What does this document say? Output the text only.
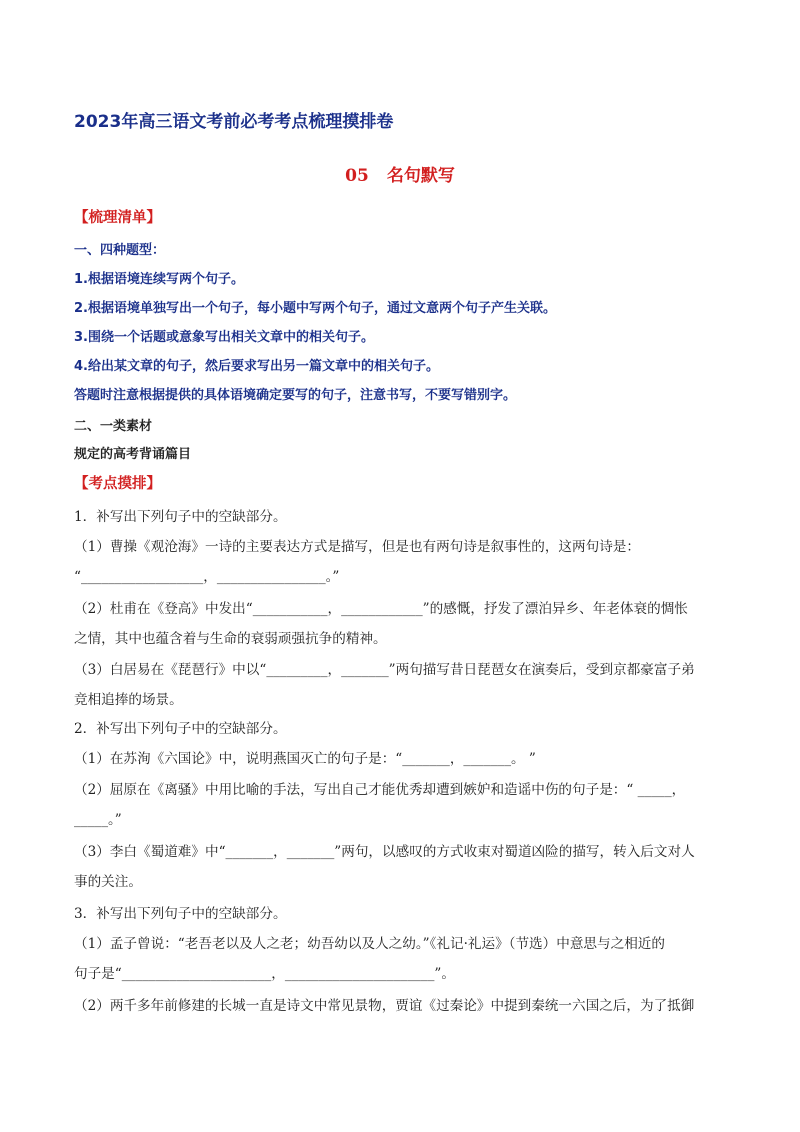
2023年高三语文考前必考考点梳理摸排卷
05 名句默写
【梳理清单】
一、四种题型：
1.根据语境连续写两个句子。
2.根据语境单独写出一个句子，每小题中写两个句子，通过文意两个句子产生关联。
3.围绕一个话题或意象写出相关文章中的相关句子。
4.给出某文章的句子，然后要求写出另一篇文章中的相关句子。
答题时注意根据提供的具体语境确定要写的句子，注意书写，不要写错别字。
二、一类素材
规定的高考背诵篇目
【考点摸排】
1．补写出下列句子中的空缺部分。
（1）曹操《观沧海》一诗的主要表达方式是描写，但是也有两句诗是叙事性的，这两句诗是：
“__________________，________________。”
（2）杜甫在《登高》中发出“___________，____________”的感慨，抒发了漂泊异乡、年老体衰的惆怅
之情，其中也蕴含着与生命的衰弱顽强抗争的精神。
（3）白居易在《琵琶行》中以“_________，_______”两句描写昔日琵琶女在演奏后，受到京都豪富子弟
竞相追捧的场景。
2．补写出下列句子中的空缺部分。
（1）在苏洵《六国论》中，说明燕国灭亡的句子是：“_______，_______。 ”
（2）屈原在《离骚》中用比喻的手法，写出自己才能优秀却遭到嫉妒和造谣中伤的句子是：“ _____，
_____。”
（3）李白《蜀道难》中“_______，_______”两句，以感叹的方式收束对蜀道凶险的描写，转入后文对人
事的关注。
3．补写出下列句子中的空缺部分。
（1）孟子曾说：“老吾老以及人之老；幼吾幼以及人之幼。”《礼记·礼运》（节选）中意思与之相近的
句子是“______________________，______________________”。
（2）两千多年前修建的长城一直是诗文中常见景物，贾谊《过秦论》中提到秦统一六国之后，为了抵御
